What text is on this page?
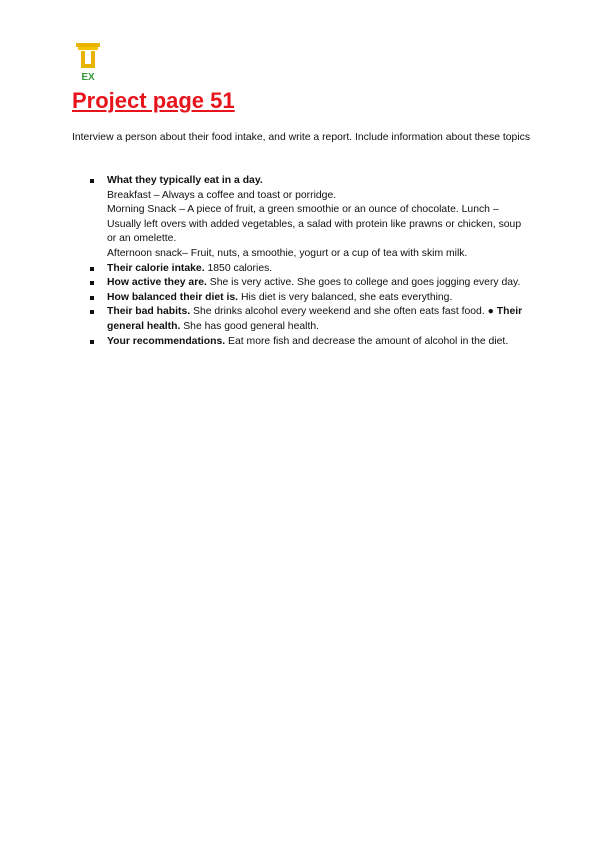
EX
Project page 51
Interview a person about their food intake, and write a report. Include information about these topics
What they typically eat in a day.
Breakfast – Always a coffee and toast or porridge.
Morning Snack – A piece of fruit, a green smoothie or an ounce of chocolate. Lunch – Usually left overs with added vegetables, a salad with protein like prawns or chicken, soup or an omelette.
Afternoon snack– Fruit, nuts, a smoothie, yogurt or a cup of tea with skim milk.
Their calorie intake. 1850 calories.
How active they are. She is very active. She goes to college and goes jogging every day.
How balanced their diet is. His diet is very balanced, she eats everything.
Their bad habits. She drinks alcohol every weekend and she often eats fast food. ● Their general health. She has good general health.
Your recommendations. Eat more fish and decrease the amount of alcohol in the diet.
